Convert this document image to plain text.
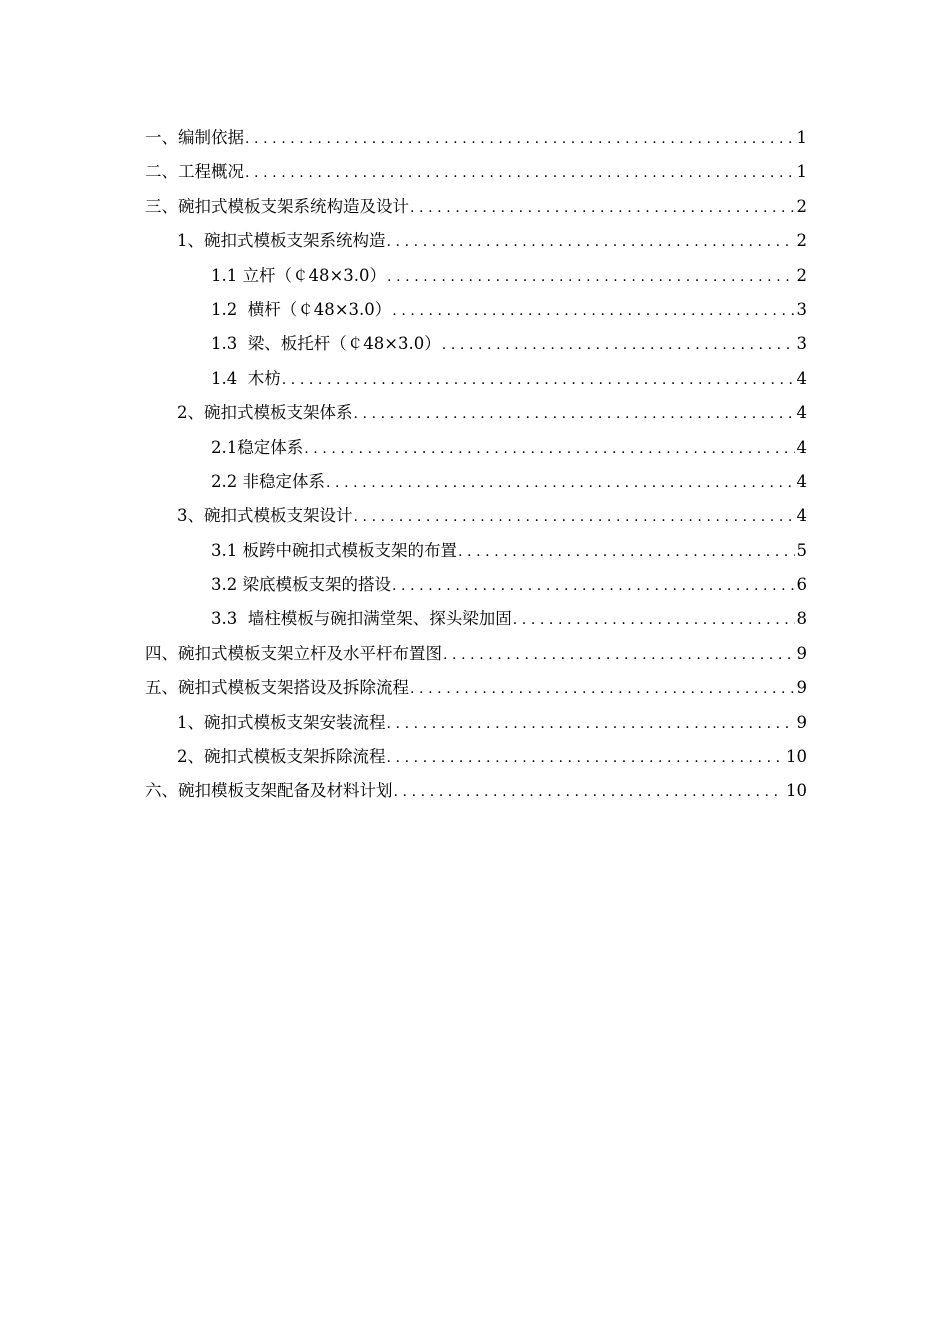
一、编制依据 .....	1
二、工程概况 .....	1
三、碗扣式模板支架系统构造及设计 .....	2
1、碗扣式模板支架系统构造 .....	2
1.1 立杆（￠48×3.0） .....	2
1.2  横杆（￠48×3.0） .....	3
1.3  梁、板托杆（￠48×3.0） .....	3
1.4  木枋 .....	4
2、碗扣式模板支架体系 .....	4
2.1稳定体系 .....	4
2.2 非稳定体系 .....	4
3、碗扣式模板支架设计 .....	4
3.1 板跨中碗扣式模板支架的布置 .....	5
3.2 梁底模板支架的搭设 .....	6
3.3  墙柱模板与碗扣满堂架、探头梁加固 .....	8
四、碗扣式模板支架立杆及水平杆布置图 .....	9
五、碗扣式模板支架搭设及拆除流程 .....	9
1、碗扣式模板支架安装流程 .....	9
2、碗扣式模板支架拆除流程 .....	10
六、碗扣模板支架配备及材料计划 .....	10
